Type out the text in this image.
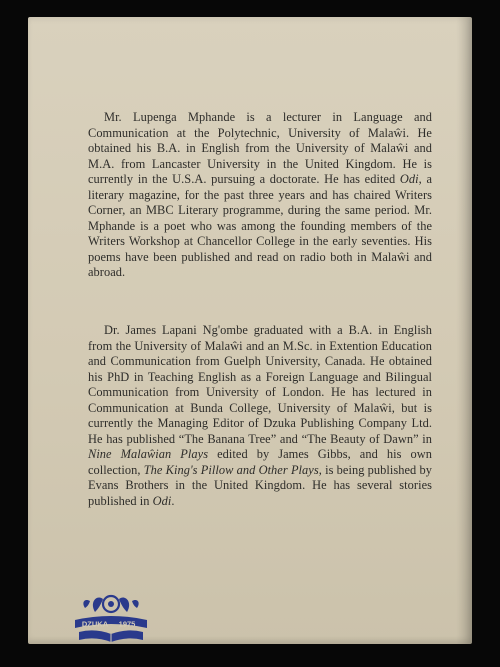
Mr. Lupenga Mphande is a lecturer in Language and Communication at the Polytechnic, University of Malaŵi. He obtained his B.A. in English from the University of Malaŵi and M.A. from Lancaster University in the United Kingdom. He is currently in the U.S.A. pursuing a doctorate. He has edited Odi, a literary magazine, for the past three years and has chaired Writers Corner, an MBC Literary programme, during the same period. Mr. Mphande is a poet who was among the founding members of the Writers Workshop at Chancellor College in the early seventies. His poems have been published and read on radio both in Malaŵi and abroad.

Dr. James Lapani Ng'ombe graduated with a B.A. in English from the University of Malaŵi and an M.Sc. in Extention Education and Communication from Guelph University, Canada. He obtained his PhD in Teaching English as a Foreign Language and Bilingual Communication from University of London. He has lectured in Communication at Bunda College, University of Malaŵi, but is currently the Managing Editor of Dzuka Publishing Company Ltd. He has published “The Banana Tree” and “The Beauty of Dawn” in Nine Malaŵian Plays edited by James Gibbs, and his own collection, The King's Pillow and Other Plays, is being published by Evans Brothers in the United Kingdom. He has several stories published in Odi.

DZUKA 1975
